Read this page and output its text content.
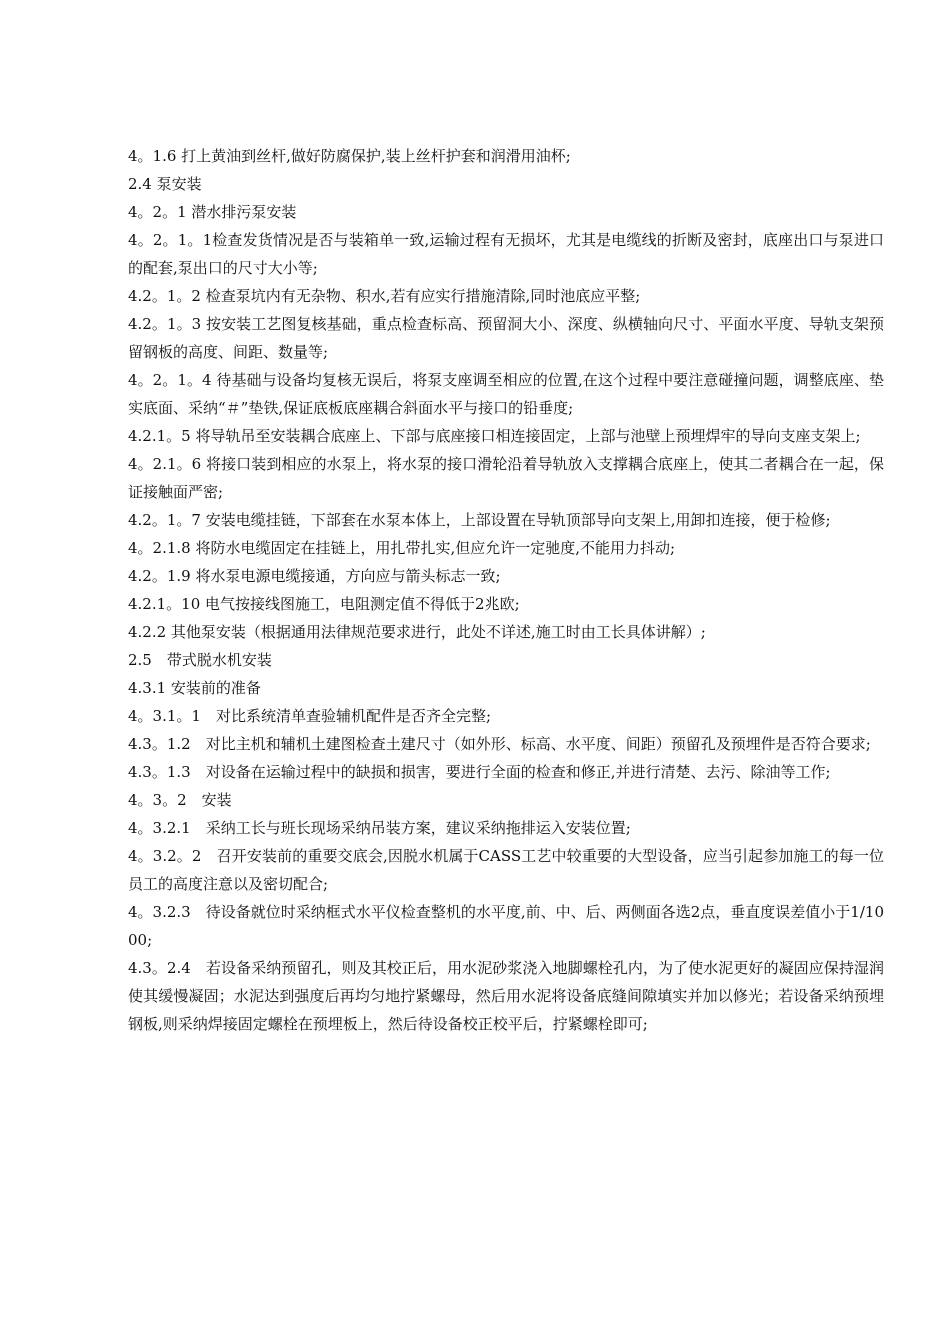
4。1.6 打上黄油到丝杆,做好防腐保护,装上丝杆护套和润滑用油杯;

2.4 泵安装

4。2。1 潜水排污泵安装

4。2。1。1检查发货情况是否与装箱单一致,运输过程有无损坏，尤其是电缆线的折断及密封，底座出口与泵进口的配套,泵出口的尺寸大小等;

4.2。1。2 检查泵坑内有无杂物、积水,若有应实行措施清除,同时池底应平整;

4.2。1。3 按安装工艺图复核基础，重点检查标高、预留洞大小、深度、纵横轴向尺寸、平面水平度、导轨支架预留钢板的高度、间距、数量等;

4。2。1。4 待基础与设备均复核无误后，将泵支座调至相应的位置,在这个过程中要注意碰撞问题，调整底座、垫实底面、采纳“＃”垫铁,保证底板底座耦合斜面水平与接口的铅垂度;

4.2.1。5 将导轨吊至安装耦合底座上、下部与底座接口相连接固定，上部与池壁上预埋焊牢的导向支座支架上;

4。2.1。6 将接口装到相应的水泵上，将水泵的接口滑轮沿着导轨放入支撑耦合底座上，使其二者耦合在一起，保证接触面严密;

4.2。1。7 安装电缆挂链，下部套在水泵本体上，上部设置在导轨顶部导向支架上,用卸扣连接，便于检修;

4。2.1.8 将防水电缆固定在挂链上，用扎带扎实,但应允许一定驰度,不能用力抖动;

4.2。1.9 将水泵电源电缆接通，方向应与箭头标志一致;

4.2.1。10 电气按接线图施工，电阻测定值不得低于2兆欧;

4.2.2 其他泵安装（根据通用法律规范要求进行，此处不详述,施工时由工长具体讲解）;

2.5　带式脱水机安装

4.3.1 安装前的准备

4。3.1。1　对比系统清单查验辅机配件是否齐全完整;

4.3。1.2　对比主机和辅机土建图检查土建尺寸（如外形、标高、水平度、间距）预留孔及预埋件是否符合要求;

4.3。1.3　对设备在运输过程中的缺损和损害，要进行全面的检查和修正,并进行清楚、去污、除油等工作;

4。3。2　安装

4。3.2.1　采纳工长与班长现场采纳吊装方案，建议采纳拖排运入安装位置;

4。3.2。2　召开安装前的重要交底会,因脱水机属于CASS工艺中较重要的大型设备，应当引起参加施工的每一位员工的高度注意以及密切配合;

4。3.2.3　待设备就位时采纳框式水平仪检查整机的水平度,前、中、后、两侧面各选2点，垂直度误差值小于1/1000;

4.3。2.4　若设备采纳预留孔，则及其校正后，用水泥砂浆浇入地脚螺栓孔内，为了使水泥更好的凝固应保持湿润使其缓慢凝固；水泥达到强度后再均匀地拧紧螺母，然后用水泥将设备底缝间隙填实并加以修光；若设备采纳预埋钢板,则采纳焊接固定螺栓在预埋板上，然后待设备校正校平后，拧紧螺栓即可;
